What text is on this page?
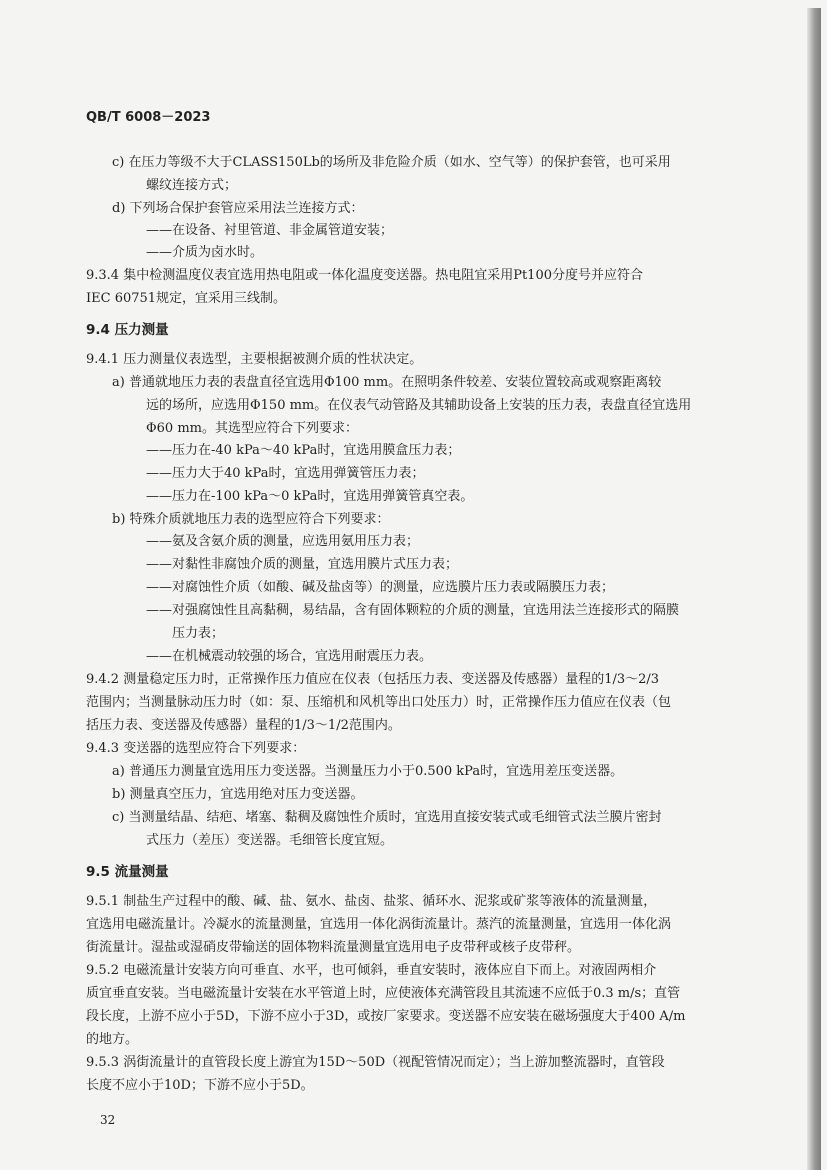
QB/T 6008－2023
c) 在压力等级不大于CLASS150Lb的场所及非危险介质（如水、空气等）的保护套管，也可采用
螺纹连接方式；
d) 下列场合保护套管应采用法兰连接方式：
——在设备、衬里管道、非金属管道安装；
——介质为卤水时。
9.3.4 集中检测温度仪表宜选用热电阻或一体化温度变送器。热电阻宜采用Pt100分度号并应符合
IEC 60751规定，宜采用三线制。
9.4 压力测量
9.4.1 压力测量仪表选型，主要根据被测介质的性状决定。
a) 普通就地压力表的表盘直径宜选用Φ100 mm。在照明条件较差、安装位置较高或观察距离较
远的场所，应选用Φ150 mm。在仪表气动管路及其辅助设备上安装的压力表，表盘直径宜选用
Φ60 mm。其选型应符合下列要求：
——压力在-40 kPa～40 kPa时，宜选用膜盒压力表；
——压力大于40 kPa时，宜选用弹簧管压力表；
——压力在-100 kPa～0 kPa时，宜选用弹簧管真空表。
b) 特殊介质就地压力表的选型应符合下列要求：
——氨及含氨介质的测量，应选用氨用压力表；
——对黏性非腐蚀介质的测量，宜选用膜片式压力表；
——对腐蚀性介质（如酸、碱及盐卤等）的测量，应选膜片压力表或隔膜压力表；
——对强腐蚀性且高黏稠，易结晶，含有固体颗粒的介质的测量，宜选用法兰连接形式的隔膜
压力表；
——在机械震动较强的场合，宜选用耐震压力表。
9.4.2 测量稳定压力时，正常操作压力值应在仪表（包括压力表、变送器及传感器）量程的1/3～2/3
范围内；当测量脉动压力时（如：泵、压缩机和风机等出口处压力）时，正常操作压力值应在仪表（包
括压力表、变送器及传感器）量程的1/3～1/2范围内。
9.4.3 变送器的选型应符合下列要求：
a) 普通压力测量宜选用压力变送器。当测量压力小于0.500 kPa时，宜选用差压变送器。
b) 测量真空压力，宜选用绝对压力变送器。
c) 当测量结晶、结疤、堵塞、黏稠及腐蚀性介质时，宜选用直接安装式或毛细管式法兰膜片密封
式压力（差压）变送器。毛细管长度宜短。
9.5 流量测量
9.5.1 制盐生产过程中的酸、碱、盐、氨水、盐卤、盐浆、循环水、泥浆或矿浆等液体的流量测量，
宜选用电磁流量计。冷凝水的流量测量，宜选用一体化涡街流量计。蒸汽的流量测量，宜选用一体化涡
街流量计。湿盐或湿硝皮带输送的固体物料流量测量宜选用电子皮带秤或核子皮带秤。
9.5.2 电磁流量计安装方向可垂直、水平，也可倾斜，垂直安装时，液体应自下而上。对液固两相介
质宜垂直安装。当电磁流量计安装在水平管道上时，应使液体充满管段且其流速不应低于0.3 m/s；直管
段长度，上游不应小于5D，下游不应小于3D，或按厂家要求。变送器不应安装在磁场强度大于400 A/m
的地方。
9.5.3 涡街流量计的直管段长度上游宜为15D～50D（视配管情况而定）；当上游加整流器时，直管段
长度不应小于10D；下游不应小于5D。
32
